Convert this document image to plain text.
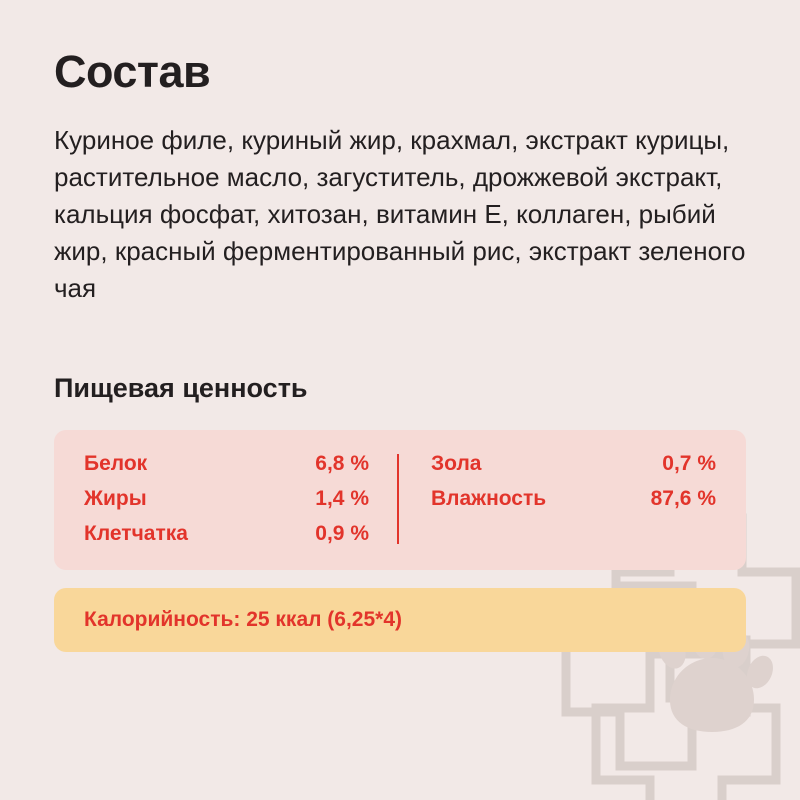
Состав

Куриное филе, куриный жир, крахмал, экстракт курицы, растительное масло, загуститель, дрожжевой экстракт, кальция фосфат, хитозан, витамин Е, коллаген, рыбий жир, красный ферментированный рис, экстракт зеленого чая

Пищевая ценность
Белок	6,8 %
Жиры	1,4 %
Клетчатка	0,9 %
Зола	0,7 %
Влажность	87,6 %
Калорийность: 25 ккал (6,25*4)
